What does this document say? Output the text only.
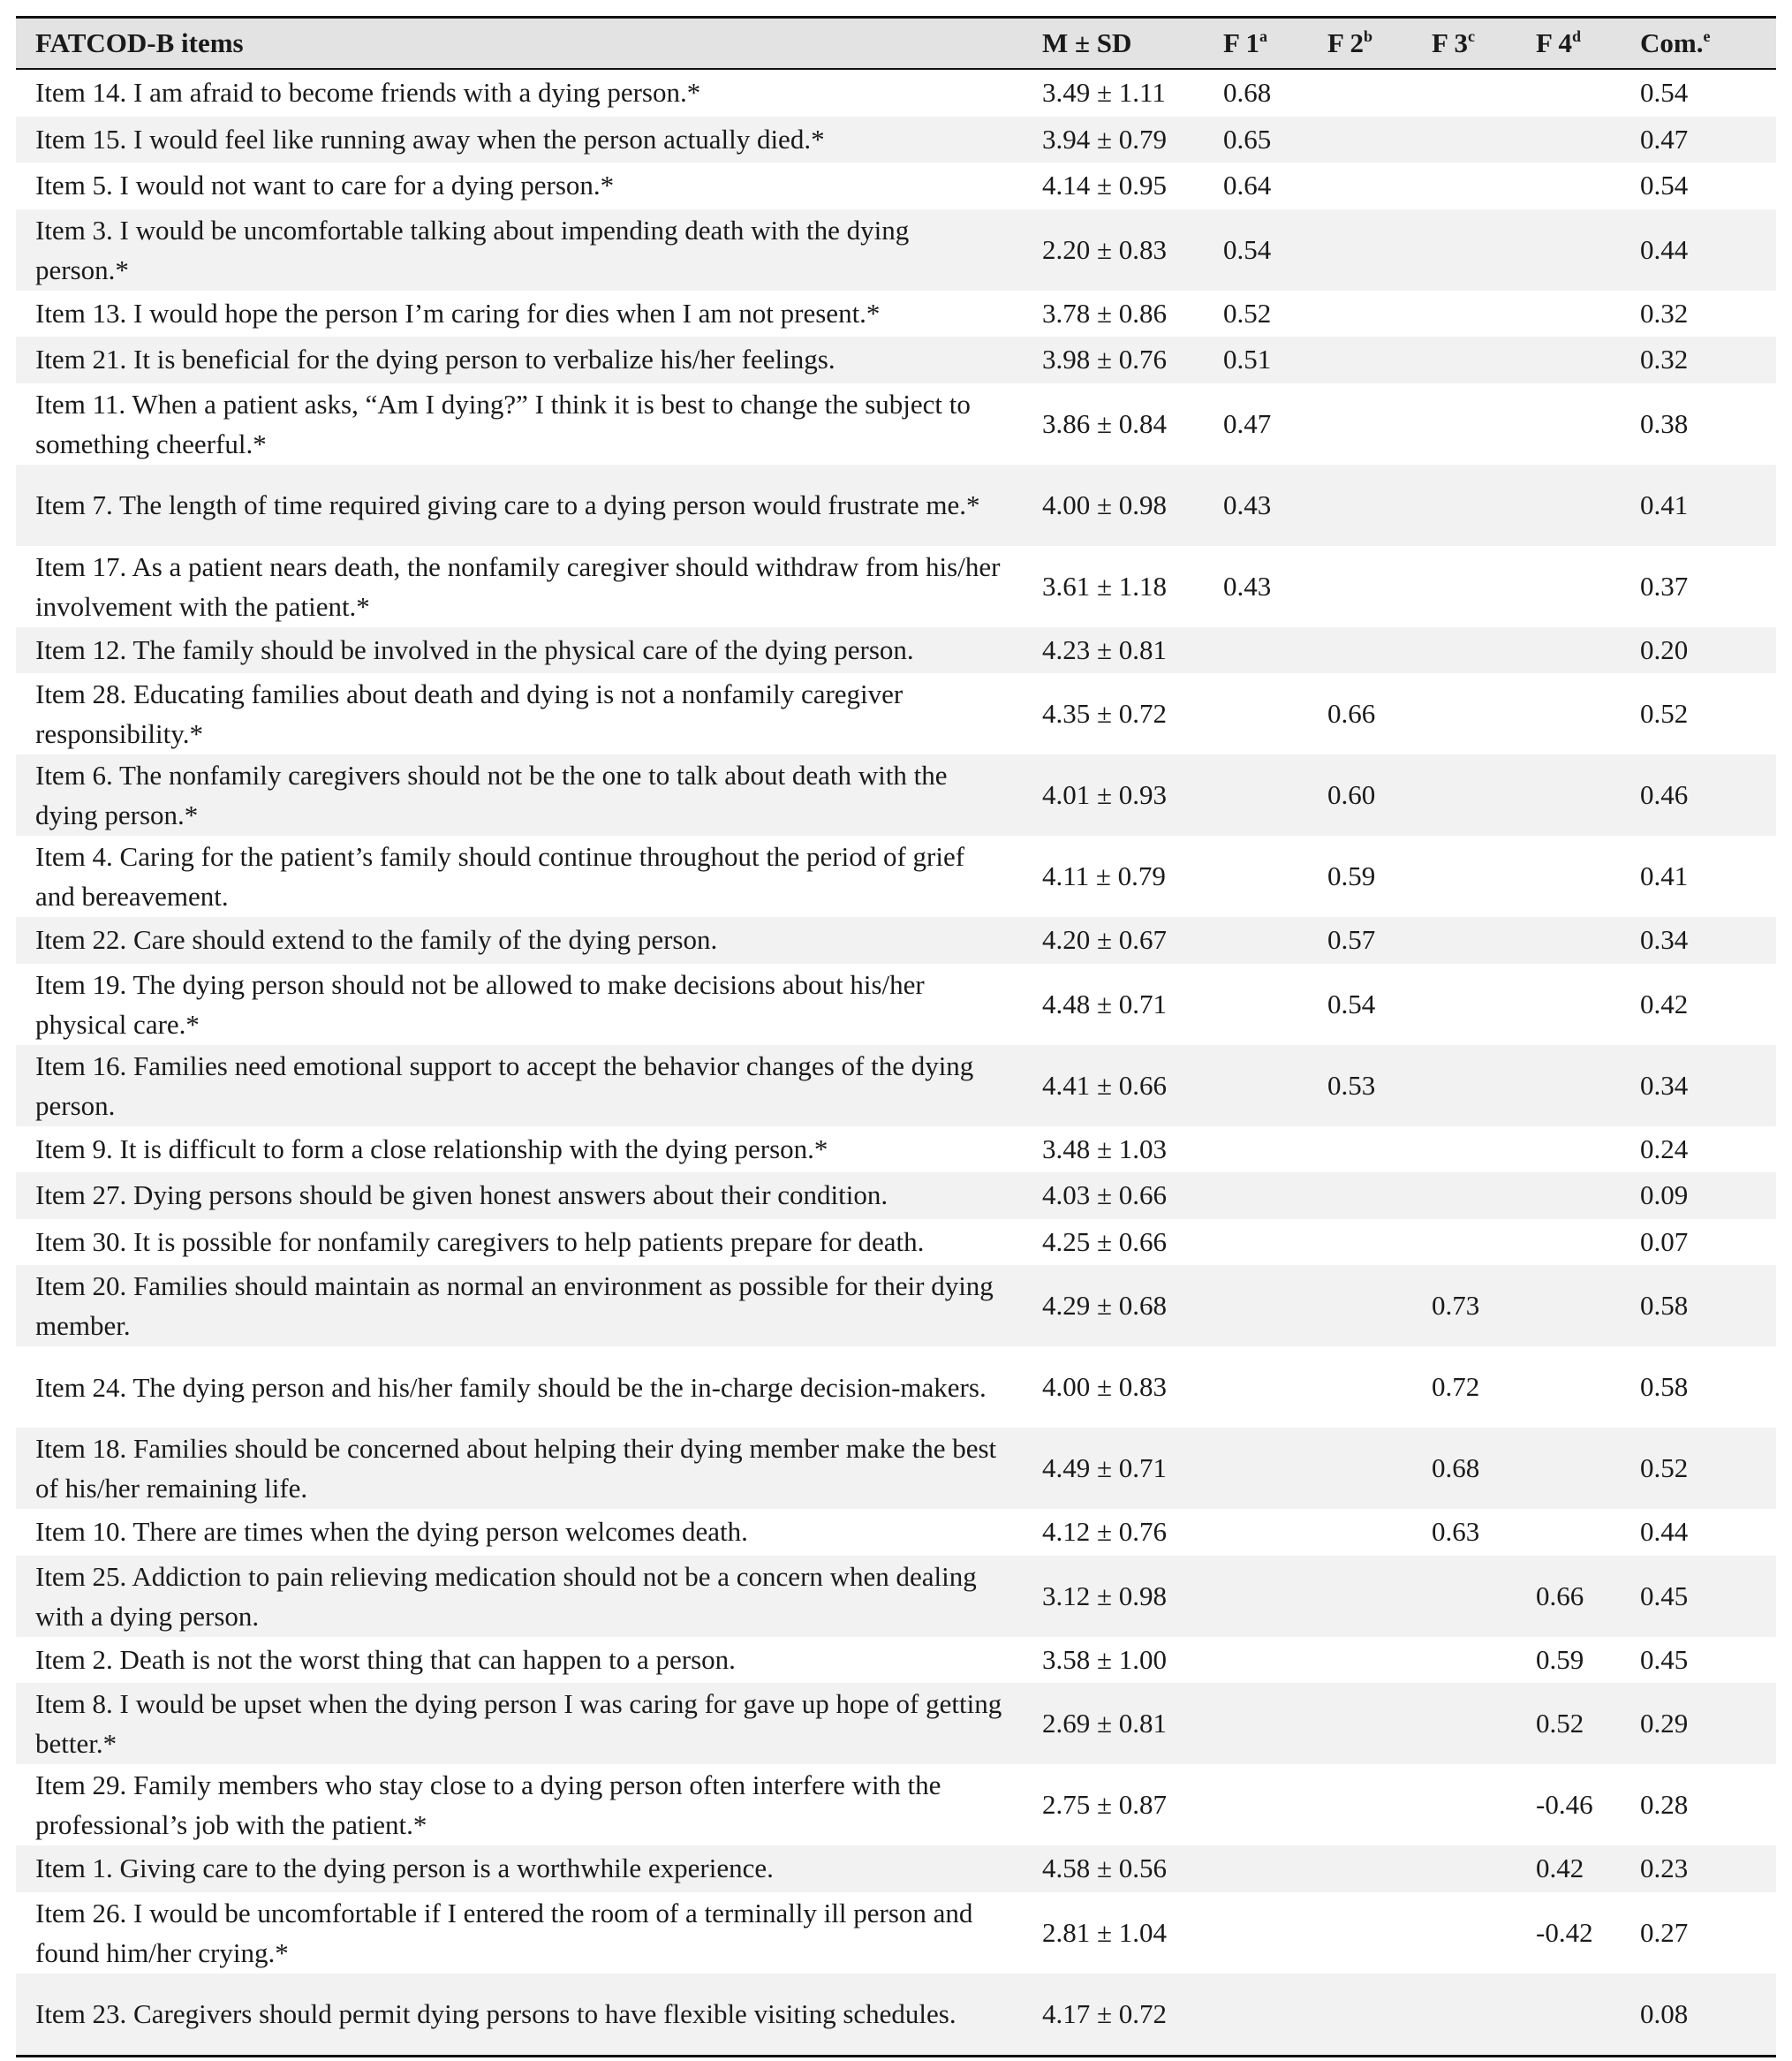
FATCOD-B items	M ± SD	F 1$^a$	F 2$^b$	F 3$^c$	F 4$^d$	Com.$^e$
Item 14. I am afraid to become friends with a dying person.*	3.49 ± 1.11	0.68				0.54
Item 15. I would feel like running away when the person actually died.*	3.94 ± 0.79	0.65				0.47
Item 5. I would not want to care for a dying person.*	4.14 ± 0.95	0.64				0.54
Item 3. I would be uncomfortable talking about impending death with the dying person.*	2.20 ± 0.83	0.54				0.44
Item 13. I would hope the person I’m caring for dies when I am not present.*	3.78 ± 0.86	0.52				0.32
Item 21. It is beneficial for the dying person to verbalize his/her feelings.	3.98 ± 0.76	0.51				0.32
Item 11. When a patient asks, “Am I dying?” I think it is best to change the subject to something cheerful.*	3.86 ± 0.84	0.47				0.38
Item 7. The length of time required giving care to a dying person would frustrate me.*	4.00 ± 0.98	0.43				0.41
Item 17. As a patient nears death, the nonfamily caregiver should withdraw from his/her involvement with the patient.*	3.61 ± 1.18	0.43				0.37
Item 12. The family should be involved in the physical care of the dying person.	4.23 ± 0.81					0.20
Item 28. Educating families about death and dying is not a nonfamily caregiver responsibility.*	4.35 ± 0.72		0.66			0.52
Item 6. The nonfamily caregivers should not be the one to talk about death with the dying person.*	4.01 ± 0.93		0.60			0.46
Item 4. Caring for the patient’s family should continue throughout the period of grief and bereavement.	4.11 ± 0.79		0.59			0.41
Item 22. Care should extend to the family of the dying person.	4.20 ± 0.67		0.57			0.34
Item 19. The dying person should not be allowed to make decisions about his/her physical care.*	4.48 ± 0.71		0.54			0.42
Item 16. Families need emotional support to accept the behavior changes of the dying person.	4.41 ± 0.66		0.53			0.34
Item 9. It is difficult to form a close relationship with the dying person.*	3.48 ± 1.03					0.24
Item 27. Dying persons should be given honest answers about their condition.	4.03 ± 0.66					0.09
Item 30. It is possible for nonfamily caregivers to help patients prepare for death.	4.25 ± 0.66					0.07
Item 20. Families should maintain as normal an environment as possible for their dying member.	4.29 ± 0.68			0.73		0.58
Item 24. The dying person and his/her family should be the in-charge decision-makers.	4.00 ± 0.83			0.72		0.58
Item 18. Families should be concerned about helping their dying member make the best of his/her remaining life.	4.49 ± 0.71			0.68		0.52
Item 10. There are times when the dying person welcomes death.	4.12 ± 0.76			0.63		0.44
Item 25. Addiction to pain relieving medication should not be a concern when dealing with a dying person.	3.12 ± 0.98				0.66	0.45
Item 2. Death is not the worst thing that can happen to a person.	3.58 ± 1.00				0.59	0.45
Item 8. I would be upset when the dying person I was caring for gave up hope of getting better.*	2.69 ± 0.81				0.52	0.29
Item 29. Family members who stay close to a dying person often interfere with the professional’s job with the patient.*	2.75 ± 0.87				-0.46	0.28
Item 1. Giving care to the dying person is a worthwhile experience.	4.58 ± 0.56				0.42	0.23
Item 26. I would be uncomfortable if I entered the room of a terminally ill person and found him/her crying.*	2.81 ± 1.04				-0.42	0.27
Item 23. Caregivers should permit dying persons to have flexible visiting schedules.	4.17 ± 0.72					0.08
